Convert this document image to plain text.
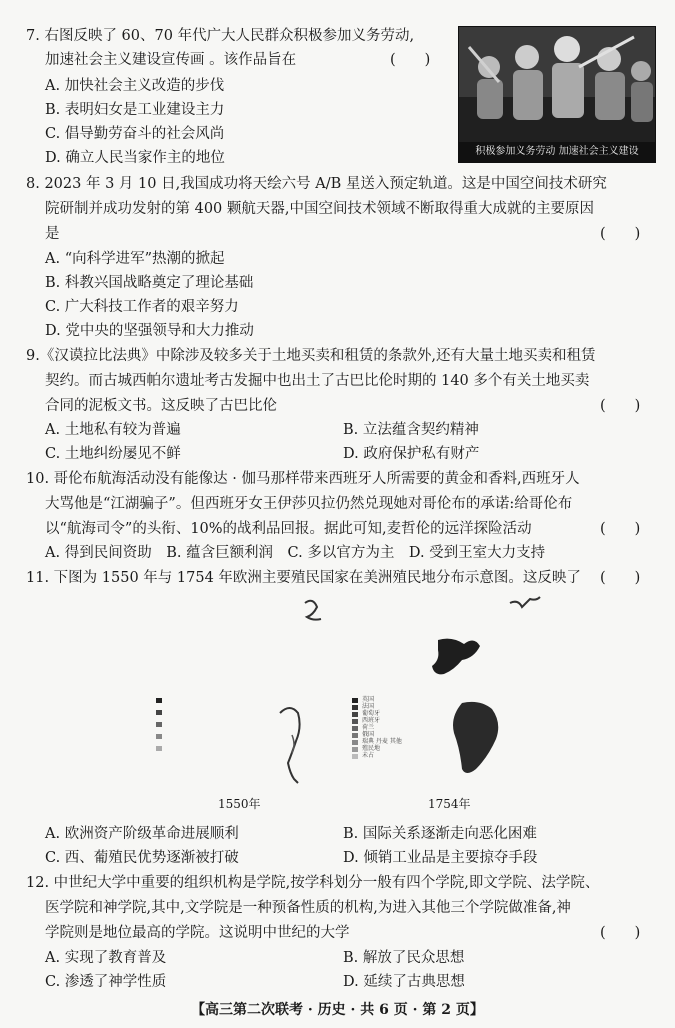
7. 右图反映了 60、70 年代广大人民群众积极参加义务劳动,
加速社会主义建设宣传画 。该作品旨在	(　　)
A. 加快社会主义改造的步伐
B. 表明妇女是工业建设主力
C. 倡导勤劳奋斗的社会风尚
D. 确立人民当家作主的地位	积极参加义务劳动 加速社会主义建设
8. 2023 年 3 月 10 日,我国成功将天绘六号 A/B 星送入预定轨道。这是中国空间技术研究
院研制并成功发射的第 400 颗航天器,中国空间技术领域不断取得重大成就的主要原因
是	(　　)
A. “向科学进军”热潮的掀起
B. 科教兴国战略奠定了理论基础
C. 广大科技工作者的艰辛努力
D. 党中央的坚强领导和大力推动
9.《汉谟拉比法典》中除涉及较多关于土地买卖和租赁的条款外,还有大量土地买卖和租赁
契约。而古城西帕尔遗址考古发掘中也出土了古巴比伦时期的 140 多个有关土地买卖
合同的泥板文书。这反映了古巴比伦	(　　)
A. 土地私有较为普遍	B. 立法蕴含契约精神
C. 土地纠纷屡见不鲜	D. 政府保护私有财产
10. 哥伦布航海活动没有能像达 · 伽马那样带来西班牙人所需要的黄金和香料,西班牙人
大骂他是“江湖骗子”。但西班牙女王伊莎贝拉仍然兑现她对哥伦布的承诺:给哥伦布
以“航海司令”的头衔、10%的战利品回报。据此可知,麦哲伦的远洋探险活动	(　　)
A. 得到民间资助　B. 蕴含巨额利润　C. 多以官方为主　D. 受到王室大力支持
11. 下图为 1550 年与 1754 年欧洲主要殖民国家在美洲殖民地分布示意图。这反映了 (　　)
英国
法国
葡萄牙
西班牙
荷兰
俄国
瑞典 丹麦 其他
殖民地
未占
1550年	1754年
A. 欧洲资产阶级革命进展顺利	B. 国际关系逐渐走向恶化困难
C. 西、葡殖民优势逐渐被打破	D. 倾销工业品是主要掠夺手段
12. 中世纪大学中重要的组织机构是学院,按学科划分一般有四个学院,即文学院、法学院、
医学院和神学院,其中,文学院是一种预备性质的机构,为进入其他三个学院做准备,神
学院则是地位最高的学院。这说明中世纪的大学	(　　)
A. 实现了教育普及	B. 解放了民众思想
C. 渗透了神学性质	D. 延续了古典思想
【高三第二次联考 · 历史 · 共 6 页 · 第 2 页】
